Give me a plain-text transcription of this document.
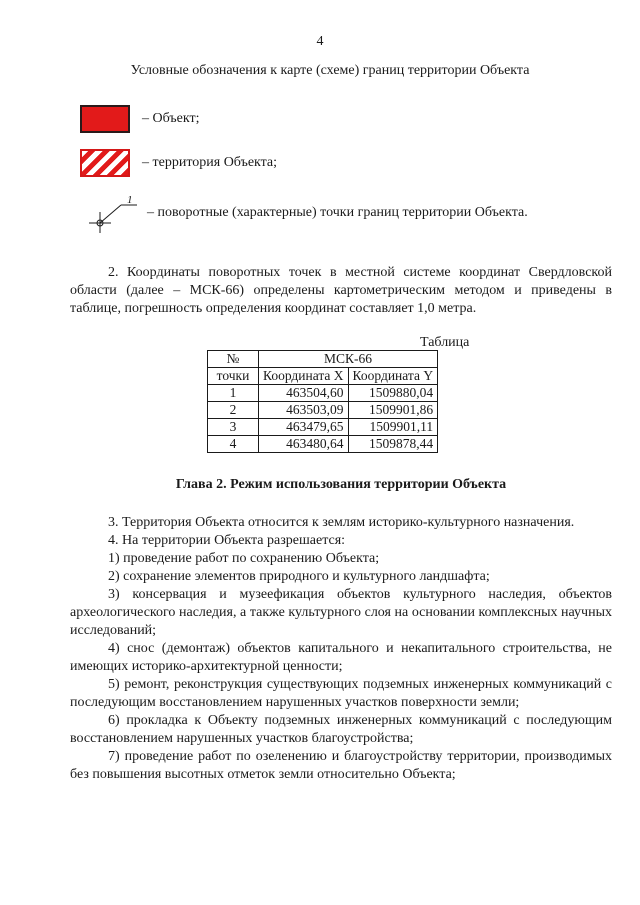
4
Условные обозначения к карте (схеме) границ территории Объекта
– Объект;
– территория Объекта;
1
– поворотные (характерные) точки границ территории Объекта.

2. Координаты поворотных точек в местной системе координат Свердловской области (далее – МСК-66) определены картометрическим методом и приведены в таблице, погрешность определения координат составляет 1,0 метра.

Таблица
№	МСК-66	
точки	Координата X	Координата Y
1	463504,60	1509880,04
2	463503,09	1509901,86
3	463479,65	1509901,11
4	463480,64	1509878,44
Глава 2. Режим использования территории Объекта

3. Территория Объекта относится к землям историко-культурного назначения.

4. На территории Объекта разрешается:

1) проведение работ по сохранению Объекта;

2) сохранение элементов природного и культурного ландшафта;

3) консервация и музеефикация объектов культурного наследия, объектов археологического наследия, а также культурного слоя на основании комплексных научных исследований;

4) снос (демонтаж) объектов капитального и некапитального строительства, не имеющих историко-архитектурной ценности;

5) ремонт, реконструкция существующих подземных инженерных коммуникаций с последующим восстановлением нарушенных участков поверхности земли;

6) прокладка к Объекту подземных инженерных коммуникаций с последующим восстановлением нарушенных участков благоустройства;

7) проведение работ по озеленению и благоустройству территории, производимых без повышения высотных отметок земли относительно Объекта;
